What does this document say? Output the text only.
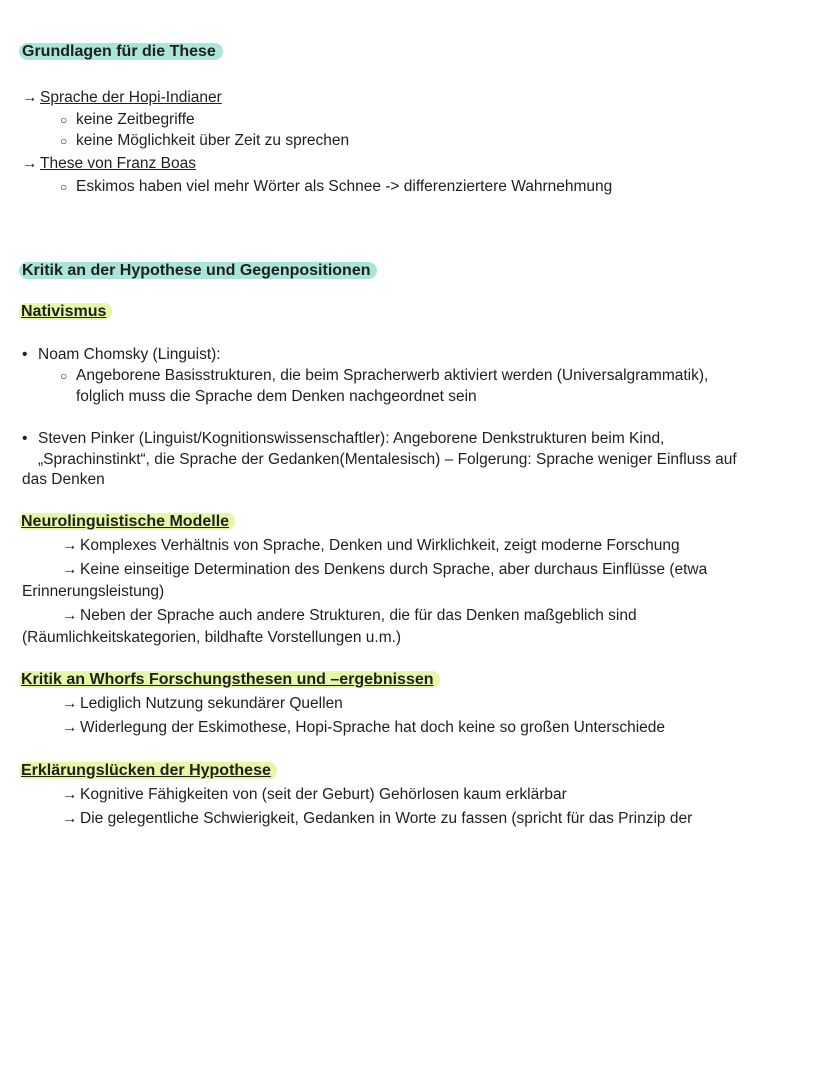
Grundlagen für die These
→ Sprache der Hopi-Indianer
○ keine Zeitbegriffe
○ keine Möglichkeit über Zeit zu sprechen
→ These von Franz Boas
○ Eskimos haben viel mehr Wörter als Schnee -> differenziertere Wahrnehmung
Kritik an der Hypothese und Gegenpositionen
Nativismus
• Noam Chomsky (Linguist):
○ Angeborene Basisstrukturen, die beim Spracherwerb aktiviert werden (Universalgrammatik),
folglich muss die Sprache dem Denken nachgeordnet sein
• Steven Pinker (Linguist/Kognitionswissenschaftler): Angeborene Denkstrukturen beim Kind,
„Sprachinstinkt“, die Sprache der Gedanken(Mentalesisch) – Folgerung: Sprache weniger Einfluss auf
das Denken
Neurolinguistische Modelle
→ Komplexes Verhältnis von Sprache, Denken und Wirklichkeit, zeigt moderne Forschung
→ Keine einseitige Determination des Denkens durch Sprache, aber durchaus Einflüsse (etwa
Erinnerungsleistung)
→ Neben der Sprache auch andere Strukturen, die für das Denken maßgeblich sind
(Räumlichkeitskategorien, bildhafte Vorstellungen u.m.)
Kritik an Whorfs Forschungsthesen und –ergebnissen
→ Lediglich Nutzung sekundärer Quellen
→ Widerlegung der Eskimothese, Hopi-Sprache hat doch keine so großen Unterschiede
Erklärungslücken der Hypothese
→ Kognitive Fähigkeiten von (seit der Geburt) Gehörlosen kaum erklärbar
→ Die gelegentliche Schwierigkeit, Gedanken in Worte zu fassen (spricht für das Prinzip der
